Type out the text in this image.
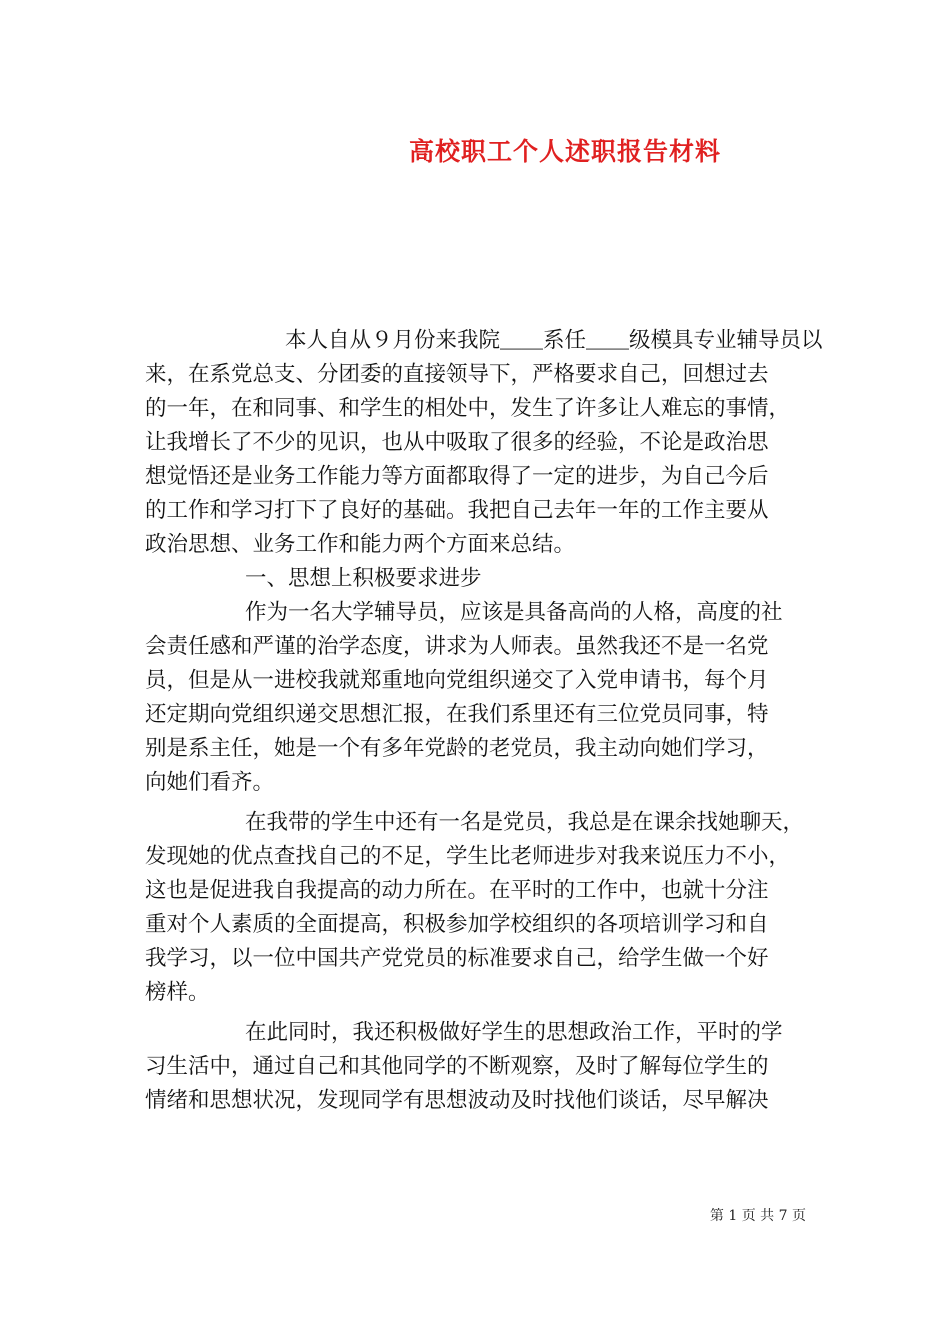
高校职工个人述职报告材料
本人自从９月份来我院＿＿系任＿＿级模具专业辅导员以
来，在系党总支、分团委的直接领导下，严格要求自己，回想过去
的一年，在和同事、和学生的相处中，发生了许多让人难忘的事情，
让我增长了不少的见识，也从中吸取了很多的经验，不论是政治思
想觉悟还是业务工作能力等方面都取得了一定的进步，为自己今后
的工作和学习打下了良好的基础。我把自己去年一年的工作主要从
政治思想、业务工作和能力两个方面来总结。
一、思想上积极要求进步
作为一名大学辅导员，应该是具备高尚的人格，高度的社
会责任感和严谨的治学态度，讲求为人师表。虽然我还不是一名党
员，但是从一进校我就郑重地向党组织递交了入党申请书，每个月
还定期向党组织递交思想汇报，在我们系里还有三位党员同事，特
别是系主任，她是一个有多年党龄的老党员，我主动向她们学习，
向她们看齐。
在我带的学生中还有一名是党员，我总是在课余找她聊天，
发现她的优点查找自己的不足，学生比老师进步对我来说压力不小，
这也是促进我自我提高的动力所在。在平时的工作中，也就十分注
重对个人素质的全面提高，积极参加学校组织的各项培训学习和自
我学习，以一位中国共产党党员的标准要求自己，给学生做一个好
榜样。
在此同时，我还积极做好学生的思想政治工作，平时的学
习生活中，通过自己和其他同学的不断观察，及时了解每位学生的
情绪和思想状况，发现同学有思想波动及时找他们谈话，尽早解决
第 1 页 共 7 页
